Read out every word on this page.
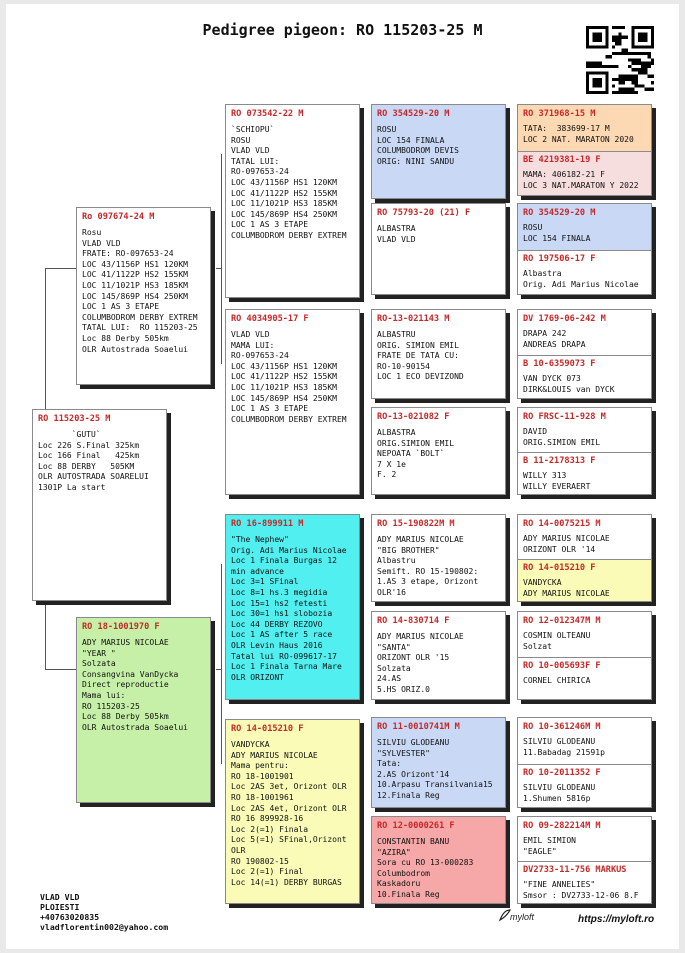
Pedigree pigeon: RO 115203-25 M
RO 115203-25 M
`GUTU`
Loc 226 S.Final 325km
Loc 166 Final   425km
Loc 88 DERBY   505KM
OLR AUTOSTRADA SOARELUI
1301P La start
Ro 097674-24 M
Rosu
VLAD VLD
FRATE: RO-097653-24
LOC 43/1156P HS1 120KM
LOC 41/1122P HS2 155KM
LOC 11/1021P HS3 185KM
LOC 145/869P HS4 250KM
LOC 1 AS 3 ETAPE
COLUMBODROM DERBY EXTREM
TATAL LUI:  RO 115203-25
Loc 88 Derby 505km
OLR Autostrada Soaelui
RO 18-1001970 F
ADY MARIUS NICOLAE
"YEAR "
Solzata
Consangvina VanDycka
Direct reproductie
Mama lui:
RO 115203-25
Loc 88 Derby 505km
OLR Autostrada Soaelui
RO 073542-22 M
`SCHIOPU`
ROSU
VLAD VLD
TATAL LUI:
RO-097653-24
LOC 43/1156P HS1 120KM
LOC 41/1122P HS2 155KM
LOC 11/1021P HS3 185KM
LOC 145/869P HS4 250KM
LOC 1 AS 3 ETAPE
COLUMBODROM DERBY EXTREM
RO 4034905-17 F
VLAD VLD
MAMA LUI:
RO-097653-24
LOC 43/1156P HS1 120KM
LOC 41/1122P HS2 155KM
LOC 11/1021P HS3 185KM
LOC 145/869P HS4 250KM
LOC 1 AS 3 ETAPE
COLUMBODROM DERBY EXTREM
RO 16-899911 M
"The Nephew"
Orig. Adi Marius Nicolae
Loc 1 Finala Burgas 12
min advance
Loc 3=1 SFinal
Loc 8=1 hs.3 megidia
Loc 15=1 hs2 fetesti
Loc 30=1 hs1 slobozia
Loc 44 DERBY REZOVO
Loc 1 AS after 5 race
OLR Levin Haus 2016
Tatal lui RO-099617-17
Loc 1 Finala Tarna Mare
OLR ORIZONT
RO 14-015210 F
VANDYCKA
ADY MARIUS NICOLAE
Mama pentru:
RO 18-1001901
Loc 2AS 3et, Orizont OLR
RO 18-1001961
Loc 2AS 4et, Orizont OLR
RO 16 899928-16
Loc 2(=1) Finala
Loc 5(=1) SFinal,Orizont
OLR
RO 190802-15
Loc 2(=1) Final
Loc 14(=1) DERBY BURGAS
RO 354529-20 M
ROSU
LOC 154 FINALA
COLUMBODROM DEVIS
ORIG: NINI SANDU
RO 75793-20 (21) F
ALBASTRA
VLAD VLD
RO-13-021143 M
ALBASTRU
ORIG. SIMION EMIL
FRATE DE TATA CU:
RO-10-90154
LOC 1 ECO DEVIZOND
RO-13-021082 F
ALBASTRA
ORIG.SIMION EMIL
NEPOATA `BOLT`
7 X 1e
F. 2
RO 15-190822M M
ADY MARIUS NICOLAE
"BIG BROTHER"
Albastru
Semift. RO 15-190802:
1.AS 3 etape, Orizont
OLR'16
RO 14-830714 F
ADY MARIUS NICOLAE
"SANTA"
ORIZONT OLR '15
Solzata
24.AS
5.HS ORIZ.0
RO 11-0010741M M
SILVIU GLODEANU
"SYLVESTER"
Tata:
2.AS Orizont'14
10.Arpasu Transilvania15
12.Finala Reg
RO 12-0000261 F
CONSTANTIN BANU
"AZIRA"
Sora cu RO 13-000283
Columbodrom
Kaskadoru
10.Finala Reg
RO 371968-15 M
TATA:  383699-17 M
LOC 2 NAT. MARATON 2020
BE 4219381-19 F
MAMA: 406182-21 F
LOC 3 NAT.MARATON Y 2022
RO 354529-20 M
ROSU
LOC 154 FINALA
RO 197506-17 F
Albastra
Orig. Adi Marius Nicolae
DV 1769-06-242 M
DRAPA 242
ANDREAS DRAPA
B 10-6359073 F
VAN DYCK 073
DIRK&LOUIS van DYCK
RO FRSC-11-928 M
DAVID
ORIG.SIMION EMIL
B 11-2178313 F
WILLY 313
WILLY EVERAERT
RO 14-0075215 M
ADY MARIUS NICOLAE
ORIZONT OLR '14
RO 14-015210 F
VANDYCKA
ADY MARIUS NICOLAE
RO 12-012347M M
COSMIN OLTEANU
Solzat
RO 10-005693F F
CORNEL CHIRICA
RO 10-361246M M
SILVIU GLODEANU
11.Babadag 21591p
RO 10-2011352 F
SILVIU GLODEANU
1.Shumen 5816p
RO 09-282214M M
EMIL SIMION
"EAGLE"
DV2733-11-756 MARKUS
"FINE ANNELIES"
Smsor : DV2733-12-06 8.F
VLAD VLD
PLOIESTI
+40763020835
vladflorentin002@yahoo.com
myloft	https://myloft.ro
